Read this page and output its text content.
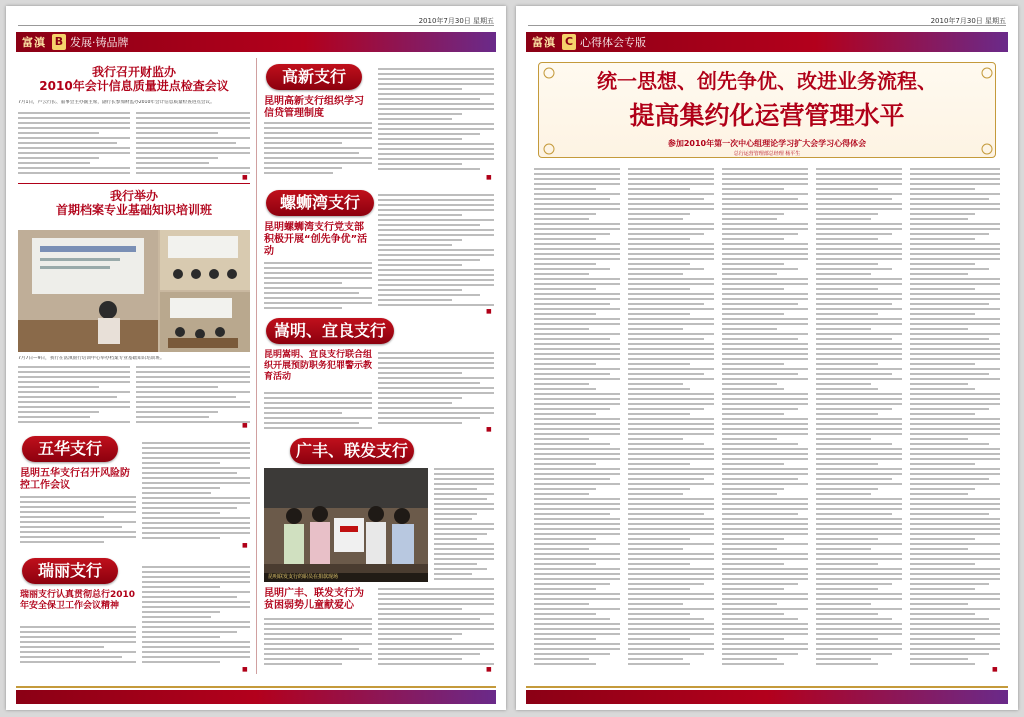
2010年7月30日 星期五
富滇 B 发展·铸品牌
我行召开财监办
2010年会计信息质量进点检查会议
7月1日，卢云行长、董事会主办副主席，副行长参加财监办2010年会计信息质量检查进点会议。
■
我行举办
首期档案专业基础知识培训班
7月7日—9日，我行在富滇银行培训中心举办档案专业基础知识培训班。
■
五华支行
昆明五华支行召开风险防控工作会议
■
瑞丽支行
瑞丽支行认真贯彻总行2010年安全保卫工作会议精神
■
高新支行
昆明高新支行组织学习信贷管理制度
■
螺蛳湾支行
昆明螺蛳湾支行党支部积极开展“创先争优”活动
■
嵩明、宜良支行
昆明嵩明、宜良支行联合组织开展预防职务犯罪警示教育活动
■
广丰、联发支行
昆明联发支行的职员在捐款现场
昆明广丰、联发支行为贫困弱势儿童献爱心
■
2010年7月30日 星期五
富滇 C 心得体会专版
统一思想、创先争优、改进业务流程、
提高集约化运营管理水平
参加2010年第一次中心组理论学习扩大会学习心得体会
总行运营管理部总经理 杨平生
■
